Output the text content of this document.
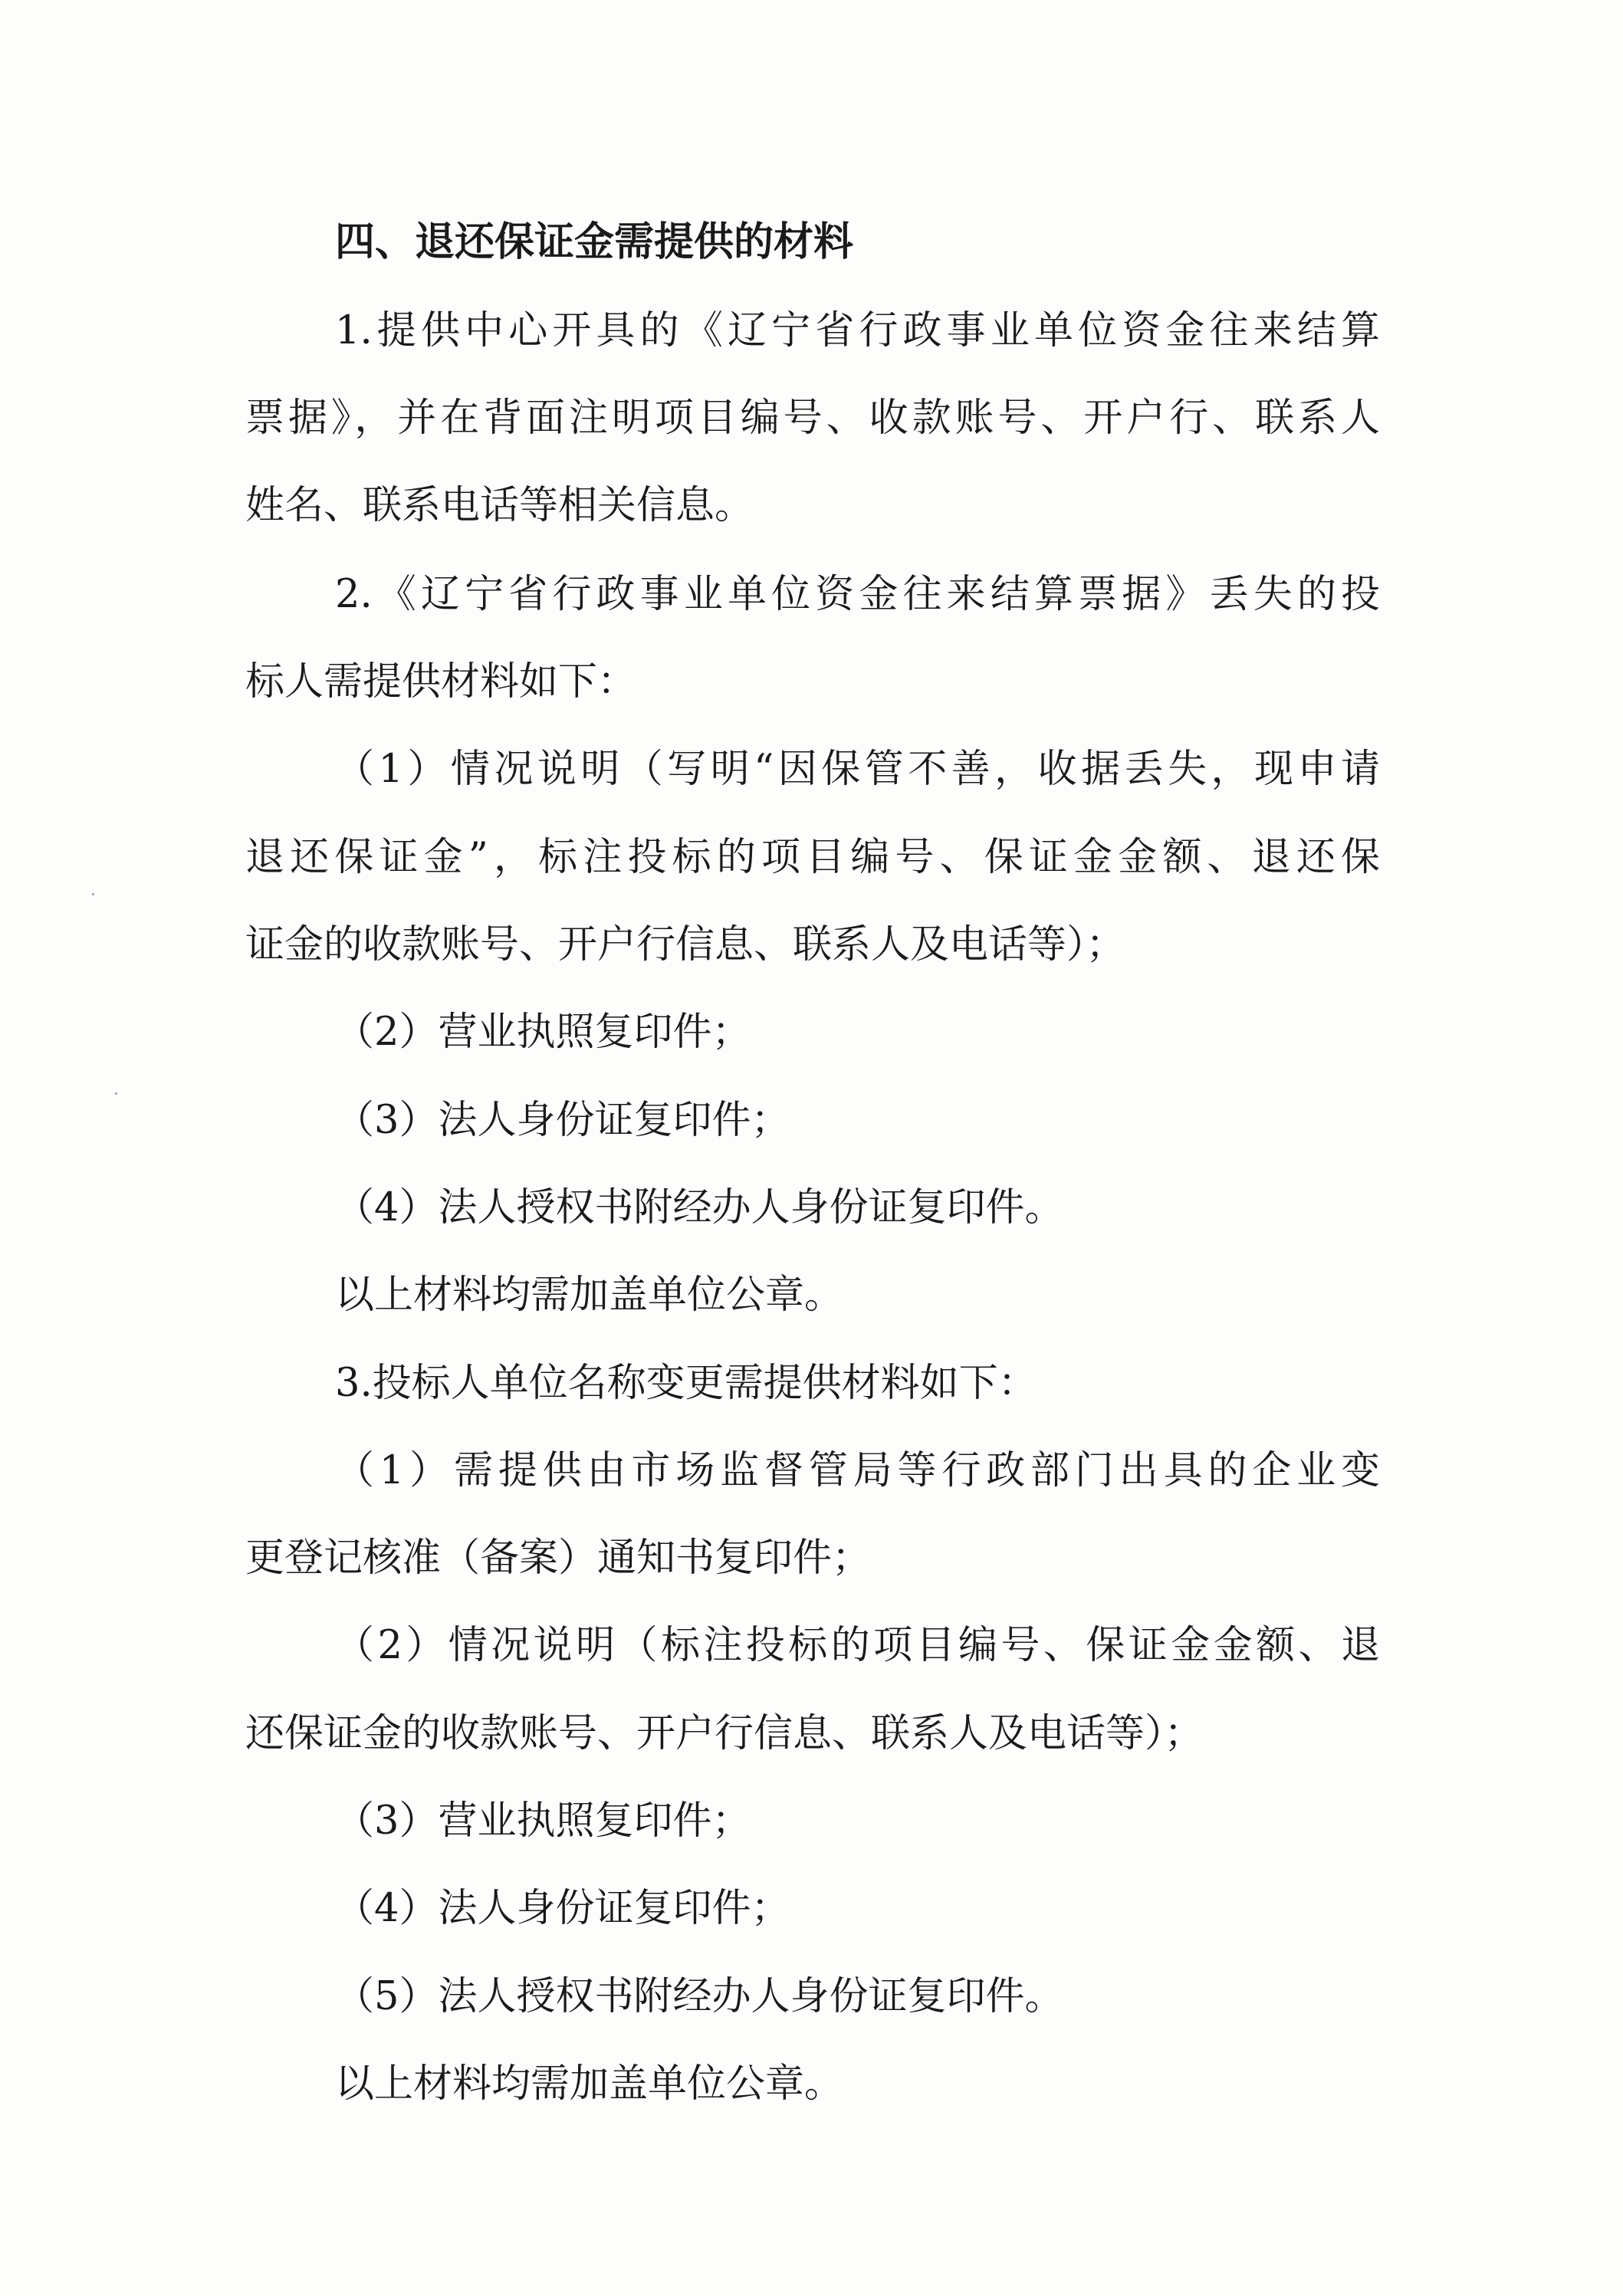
四、退还保证金需提供的材料
1.提供中心开具的《辽宁省行政事业单位资金往来结算
票据》，并在背面注明项目编号、收款账号、开户行、联系人
姓名、联系电话等相关信息。
2.《辽宁省行政事业单位资金往来结算票据》丢失的投
标人需提供材料如下：
（1）情况说明（写明“因保管不善，收据丢失，现申请
退还保证金”，标注投标的项目编号、保证金金额、退还保
证金的收款账号、开户行信息、联系人及电话等）；
（2）营业执照复印件；
（3）法人身份证复印件；
（4）法人授权书附经办人身份证复印件。
以上材料均需加盖单位公章。
3.投标人单位名称变更需提供材料如下：
（1）需提供由市场监督管局等行政部门出具的企业变
更登记核准（备案）通知书复印件；
（2）情况说明（标注投标的项目编号、保证金金额、退
还保证金的收款账号、开户行信息、联系人及电话等）；
（3）营业执照复印件；
（4）法人身份证复印件；
（5）法人授权书附经办人身份证复印件。
以上材料均需加盖单位公章。
